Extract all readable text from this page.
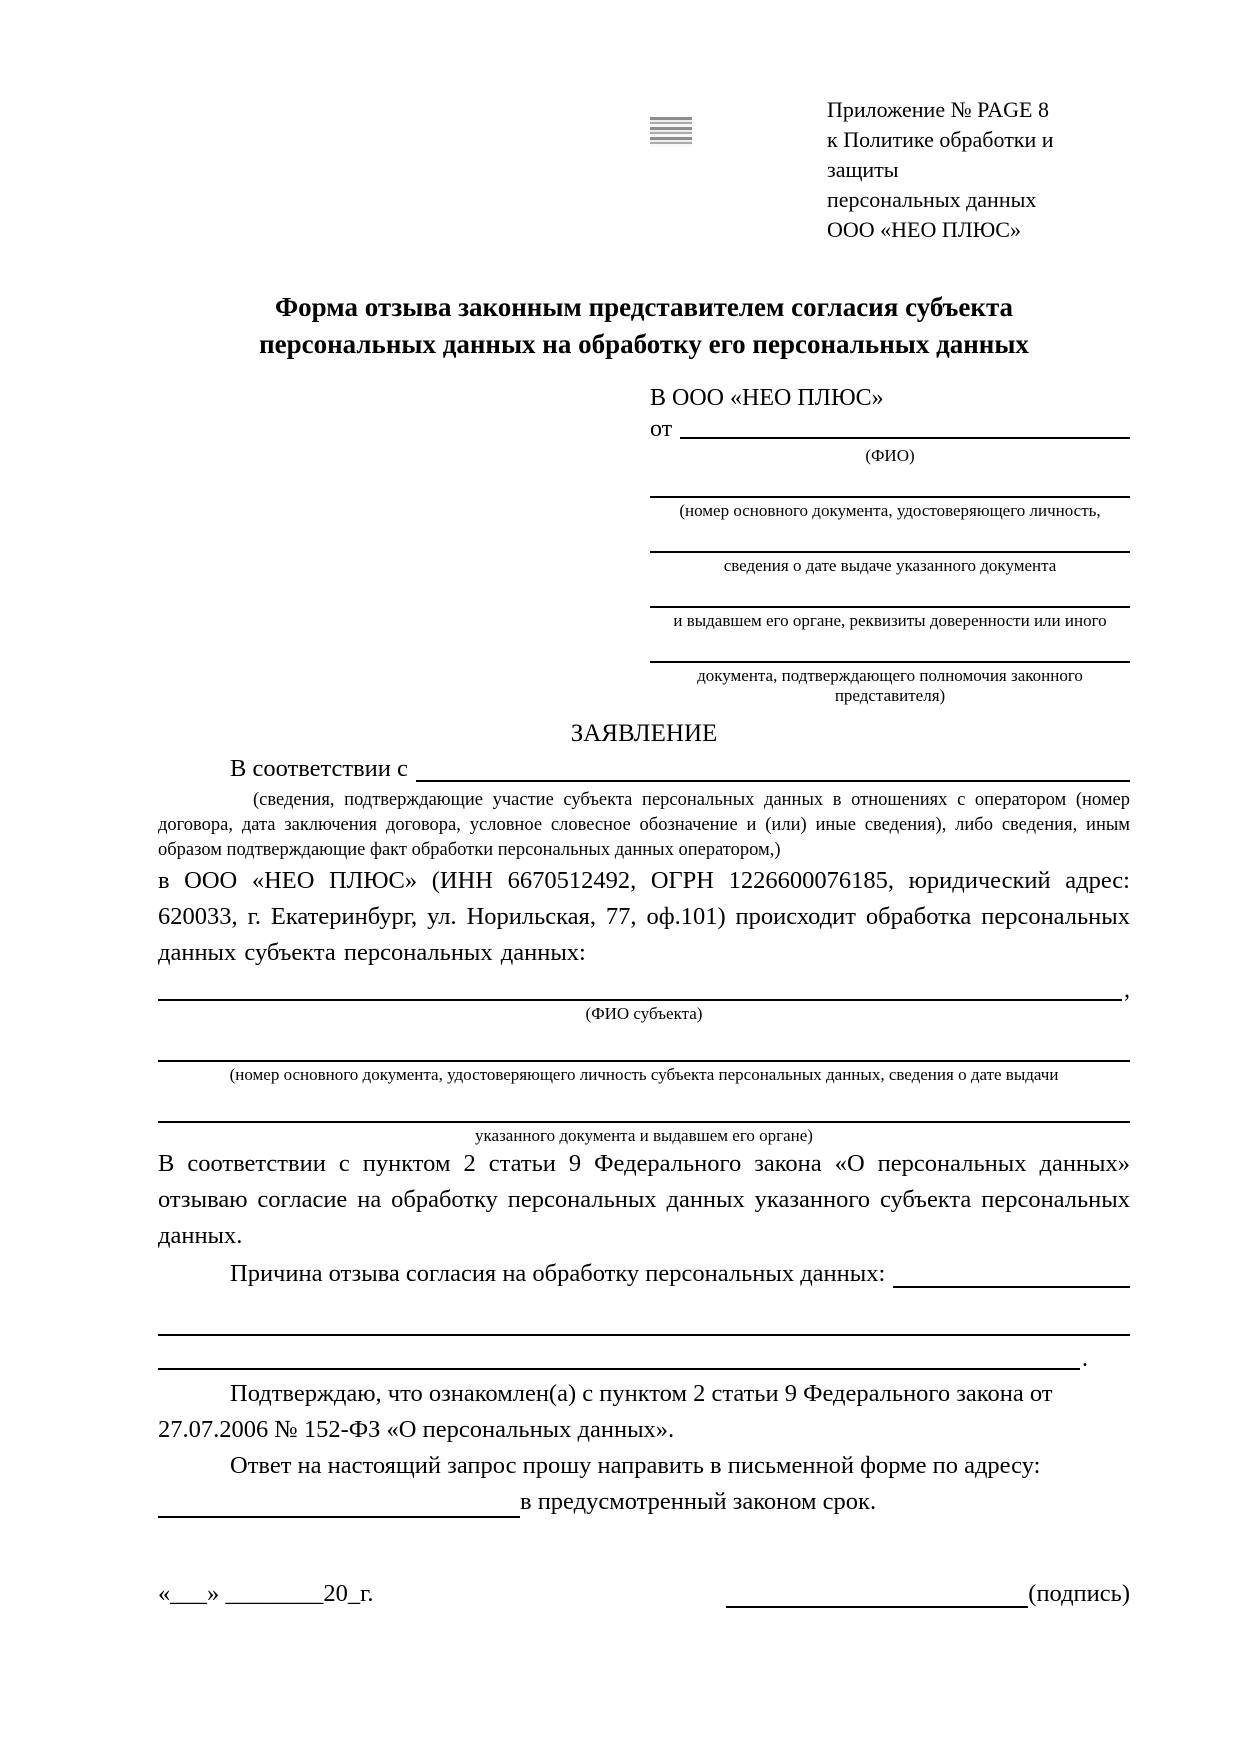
Приложение № PAGE 8
к Политике обработки и защиты
персональных данных
ООО «НЕО ПЛЮС»
Форма отзыва законным представителем согласия субъекта
персональных данных на обработку его персональных данных
В ООО «НЕО ПЛЮС»
от
(ФИО)
(номер основного документа, удостоверяющего личность,
сведения о дате выдаче указанного документа
и выдавшем его органе, реквизиты доверенности или иного
документа, подтверждающего полномочия законного представителя)
ЗАЯВЛЕНИЕ
В соответствии с

(сведения, подтверждающие участие субъекта персональных данных в отношениях с оператором (номер договора, дата заключения договора, условное словесное обозначение и (или) иные сведения), либо сведения, иным образом подтверждающие факт обработки персональных данных оператором,)

в ООО «НЕО ПЛЮС» (ИНН 6670512492, ОГРН 1226600076185, юридический адрес: 620033, г. Екатеринбург, ул. Норильская, 77, оф.101) происходит обработка персональных данных субъекта персональных данных:

,
(ФИО субъекта)
(номер основного документа, удостоверяющего личность субъекта персональных данных, сведения о дате выдачи
указанного документа и выдавшем его органе)

В соответствии с пунктом 2 статьи 9 Федерального закона «О персональных данных» отзываю согласие на обработку персональных данных указанного субъекта персональных данных.

Причина отзыва согласия на обработку персональных данных:
.

Подтверждаю, что ознакомлен(а) с пунктом 2 статьи 9 Федерального закона от 27.07.2006 № 152-ФЗ «О персональных данных».

Ответ на настоящий запрос прошу направить в письменной форме по адресу:

в предусмотренный законом срок.
«___» ________20_г.	(подпись)
